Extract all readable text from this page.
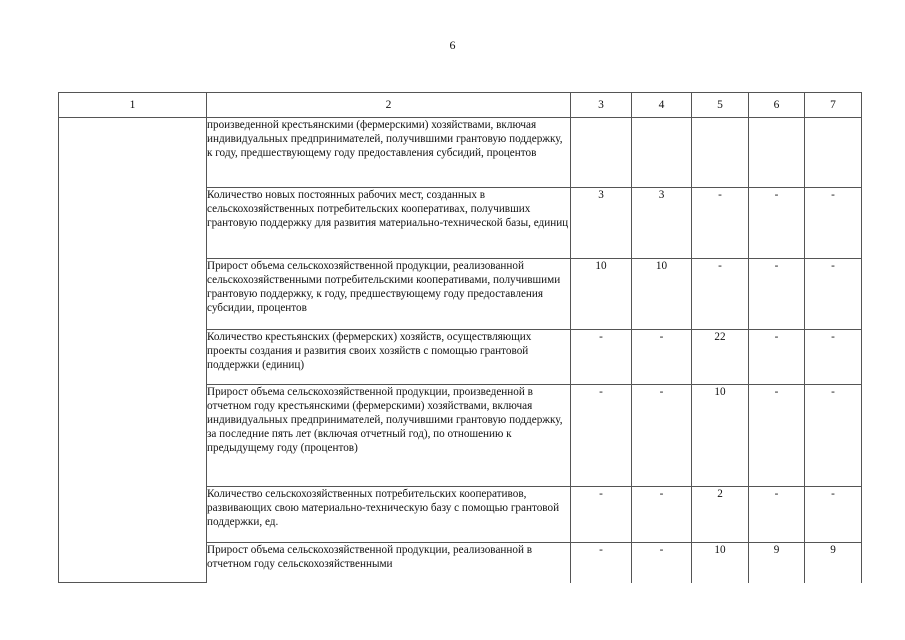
6
1	2	3	4	5	6	7
	произведенной крестьянскими (фермерскими) хозяйствами, включая индивидуальных предпринимателей, получившими грантовую поддержку, к году, предшествующему году предоставления субсидий, процентов					
	Количество новых постоянных рабочих мест, созданных в сельскохозяйственных потребительских кооперативах, получивших грантовую поддержку для развития материально-технической базы, единиц	3	3	-	-	-
	Прирост объема сельскохозяйственной продукции, реализованной сельскохозяйственными потребительскими кооперативами, получившими грантовую поддержку, к году, предшествующему году предоставления субсидии, процентов	10	10	-	-	-
	Количество крестьянских (фермерских) хозяйств, осуществляющих проекты создания и развития своих хозяйств с помощью грантовой поддержки (единиц)	-	-	22	-	-
	Прирост объема сельскохозяйственной продукции, произведенной в отчетном году крестьянскими (фермерскими) хозяйствами, включая индивидуальных предпринимателей, получившими грантовую поддержку, за последние пять лет (включая отчетный год), по отношению к предыдущему году (процентов)	-	-	10	-	-
	Количество сельскохозяйственных потребительских кооперативов, развивающих свою материально-техническую базу с помощью грантовой поддержки, ед.	-	-	2	-	-
	Прирост объема сельскохозяйственной продукции, реализованной в отчетном году сельскохозяйственными	-	-	10	9	9
